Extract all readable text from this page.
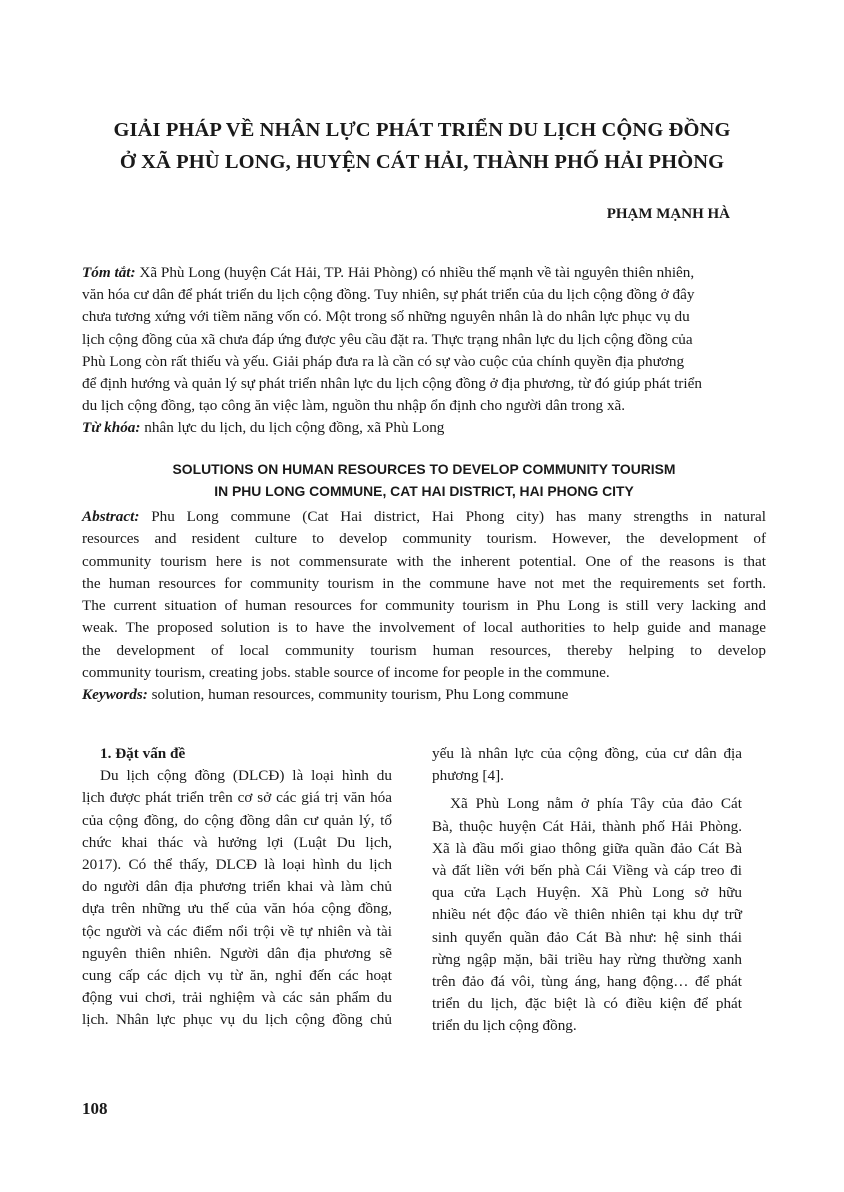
GIẢI PHÁP VỀ NHÂN LỰC PHÁT TRIỂN DU LỊCH CỘNG ĐỒNG
Ở XÃ PHÙ LONG, HUYỆN CÁT HẢI, THÀNH PHỐ HẢI PHÒNG
PHẠM MẠNH HÀ
Tóm tắt: Xã Phù Long (huyện Cát Hải, TP. Hải Phòng) có nhiều thế mạnh về tài nguyên thiên nhiên,
văn hóa cư dân để phát triển du lịch cộng đồng. Tuy nhiên, sự phát triển của du lịch cộng đồng ở đây
chưa tương xứng với tiềm năng vốn có. Một trong số những nguyên nhân là do nhân lực phục vụ du
lịch cộng đồng của xã chưa đáp ứng được yêu cầu đặt ra. Thực trạng nhân lực du lịch cộng đồng của
Phù Long còn rất thiếu và yếu. Giải pháp đưa ra là cần có sự vào cuộc của chính quyền địa phương
để định hướng và quản lý sự phát triển nhân lực du lịch cộng đồng ở địa phương, từ đó giúp phát triển
du lịch cộng đồng, tạo công ăn việc làm, nguồn thu nhập ổn định cho người dân trong xã.
Từ khóa: nhân lực du lịch, du lịch cộng đồng, xã Phù Long
SOLUTIONS ON HUMAN RESOURCES TO DEVELOP COMMUNITY TOURISM
IN PHU LONG COMMUNE, CAT HAI DISTRICT, HAI PHONG CITY
Abstract: Phu Long commune (Cat Hai district, Hai Phong city) has many strengths in natural
resources and resident culture to develop community tourism. However, the development of
community tourism here is not commensurate with the inherent potential. One of the reasons is that
the human resources for community tourism in the commune have not met the requirements set forth.
The current situation of human resources for community tourism in Phu Long is still very lacking and
weak. The proposed solution is to have the involvement of local authorities to help guide and manage
the development of local community tourism human resources, thereby helping to develop
community tourism, creating jobs. stable source of income for people in the commune.
Keywords: solution, human resources, community tourism, Phu Long commune
1. Đặt vấn đề
Du lịch cộng đồng (DLCĐ) là loại hình du
lịch được phát triển trên cơ sở các giá trị văn hóa
của cộng đồng, do cộng đồng dân cư quản lý, tổ
chức khai thác và hưởng lợi (Luật Du lịch,
2017). Có thể thấy, DLCĐ là loại hình du lịch
do người dân địa phương triển khai và làm chủ
dựa trên những ưu thế của văn hóa cộng đồng,
tộc người và các điểm nổi trội về tự nhiên và tài
nguyên thiên nhiên. Người dân địa phương sẽ
cung cấp các dịch vụ từ ăn, nghỉ đến các hoạt
động vui chơi, trải nghiệm và các sản phẩm du
lịch. Nhân lực phục vụ du lịch cộng đồng chủ
yếu là nhân lực của cộng đồng, của cư dân địa
phương [4].
Xã Phù Long nằm ở phía Tây của đảo Cát
Bà, thuộc huyện Cát Hải, thành phố Hải Phòng.
Xã là đầu mối giao thông giữa quần đảo Cát Bà
và đất liền với bến phà Cái Viềng và cáp treo đi
qua cửa Lạch Huyện. Xã Phù Long sở hữu
nhiều nét độc đáo về thiên nhiên tại khu dự trữ
sinh quyển quần đảo Cát Bà như: hệ sinh thái
rừng ngập mặn, bãi triều hay rừng thường xanh
trên đảo đá vôi, tùng áng, hang động… để phát
triển du lịch, đặc biệt là có điều kiện để phát
triển du lịch cộng đồng.
108
